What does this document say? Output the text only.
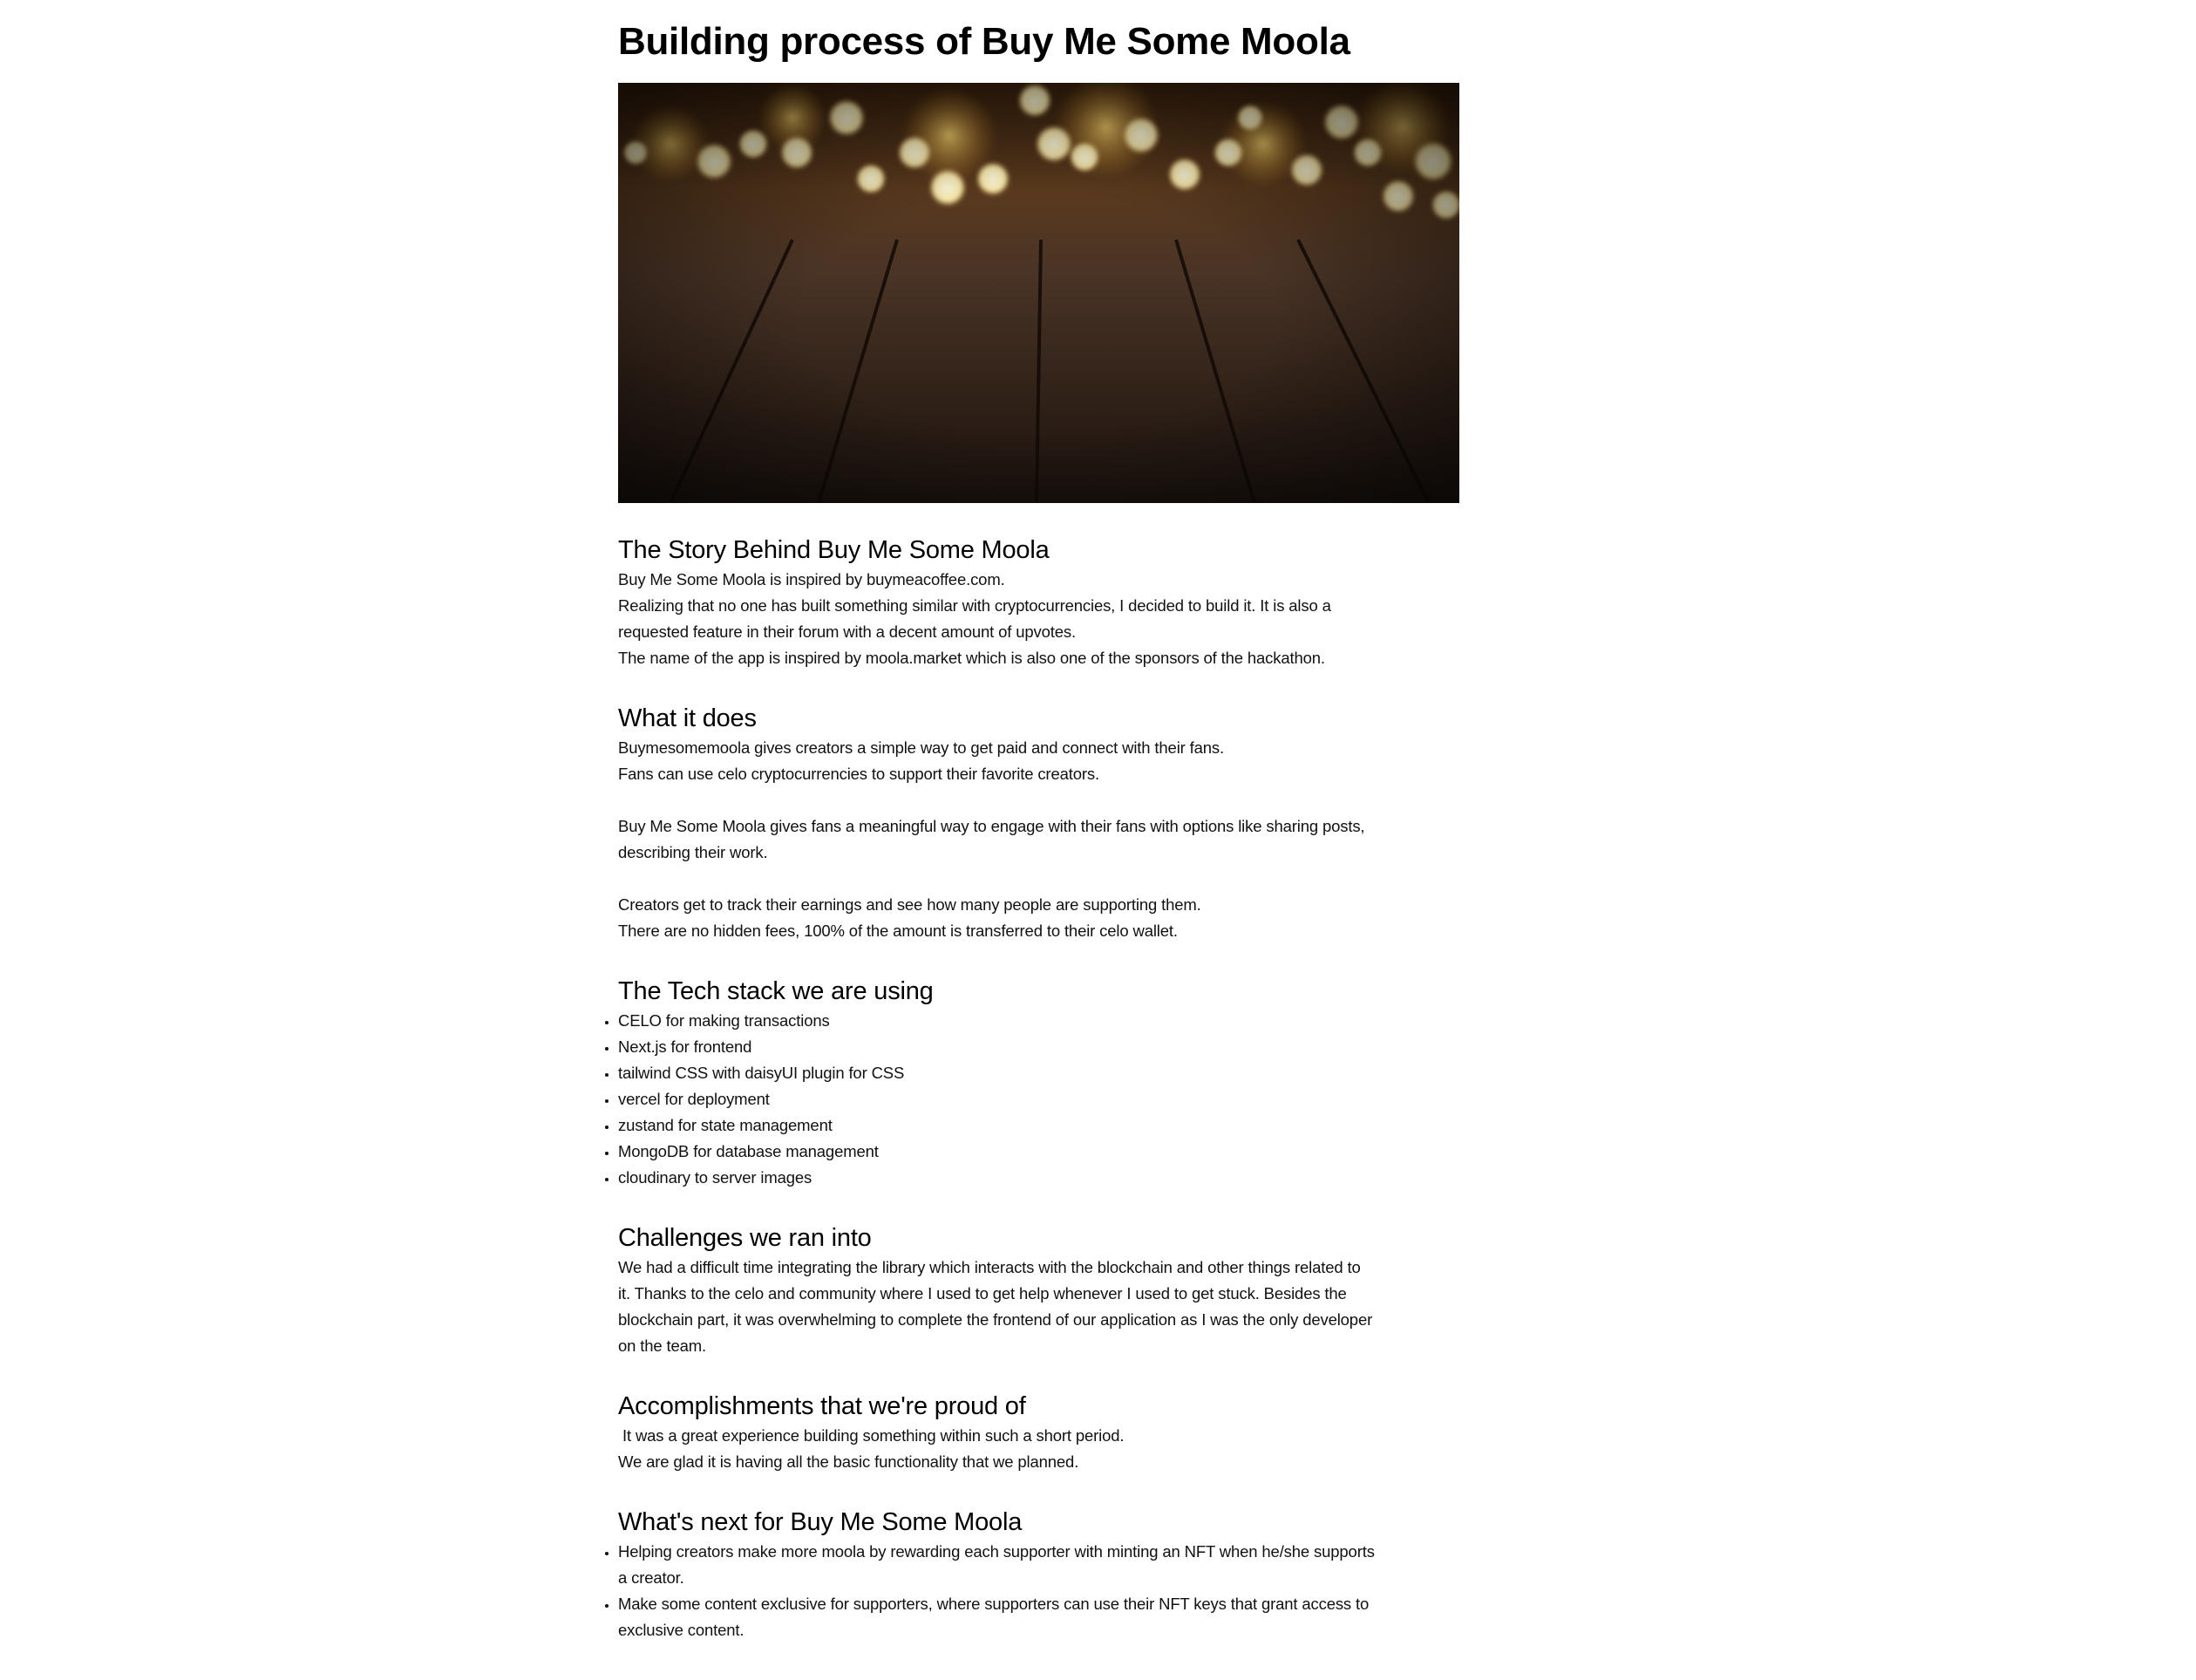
Building process of Buy Me Some Moola
The Story Behind Buy Me Some Moola
Buy Me Some Moola is inspired by buymeacoffee.com.
Realizing that no one has built something similar with cryptocurrencies, I decided to build it. It is also a
requested feature in their forum with a decent amount of upvotes.
The name of the app is inspired by moola.market which is also one of the sponsors of the hackathon.
What it does
Buymesomemoola gives creators a simple way to get paid and connect with their fans.
Fans can use celo cryptocurrencies to support their favorite creators.
Buy Me Some Moola gives fans a meaningful way to engage with their fans with options like sharing posts,
describing their work.
Creators get to track their earnings and see how many people are supporting them.
There are no hidden fees, 100% of the amount is transferred to their celo wallet.
The Tech stack we are using
• CELO for making transactions
• Next.js for frontend
• tailwind CSS with daisyUI plugin for CSS
• vercel for deployment
• zustand for state management
• MongoDB for database management
• cloudinary to server images
Challenges we ran into
We had a difficult time integrating the library which interacts with the blockchain and other things related to
it. Thanks to the celo and community where I used to get help whenever I used to get stuck. Besides the
blockchain part, it was overwhelming to complete the frontend of our application as I was the only developer
on the team.
Accomplishments that we're proud of
It was a great experience building something within such a short period.
We are glad it is having all the basic functionality that we planned.
What's next for Buy Me Some Moola
• Helping creators make more moola by rewarding each supporter with minting an NFT when he/she supports
a creator.
• Make some content exclusive for supporters, where supporters can use their NFT keys that grant access to
exclusive content.
